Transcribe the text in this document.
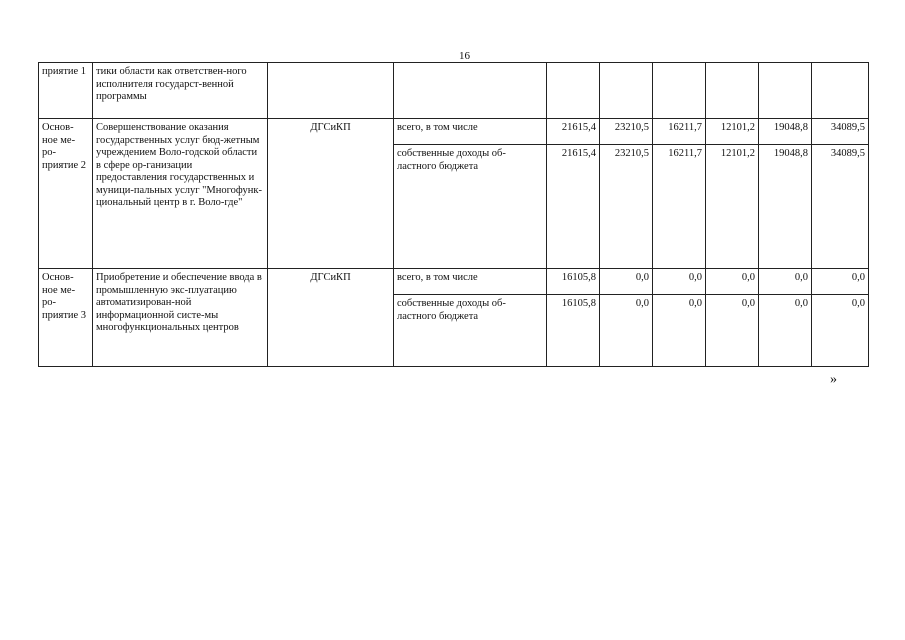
16
приятие 1	тики области как ответствен-ного исполнителя государст-венной программы								
Основ-ное ме-ро-приятие 2	Совершенствование оказания государственных услуг бюд-жетным учреждением Воло-годской области в сфере ор-ганизации предоставления государственных и муници-пальных услуг "Многофунк-циональный центр в г. Воло-где"	ДГСиКП	всего, в том числе	21615,4	23210,5	16211,7	12101,2	19048,8	34089,5
			собственные доходы об-ластного бюджета	21615,4	23210,5	16211,7	12101,2	19048,8	34089,5
Основ-ное ме-ро-приятие 3	Приобретение и обеспечение ввода в промышленную экс-плуатацию автоматизирован-ной информационной систе-мы многофункциональных центров	ДГСиКП	всего, в том числе	16105,8	0,0	0,0	0,0	0,0	0,0
			собственные доходы об-ластного бюджета	16105,8	0,0	0,0	0,0	0,0	0,0
»
